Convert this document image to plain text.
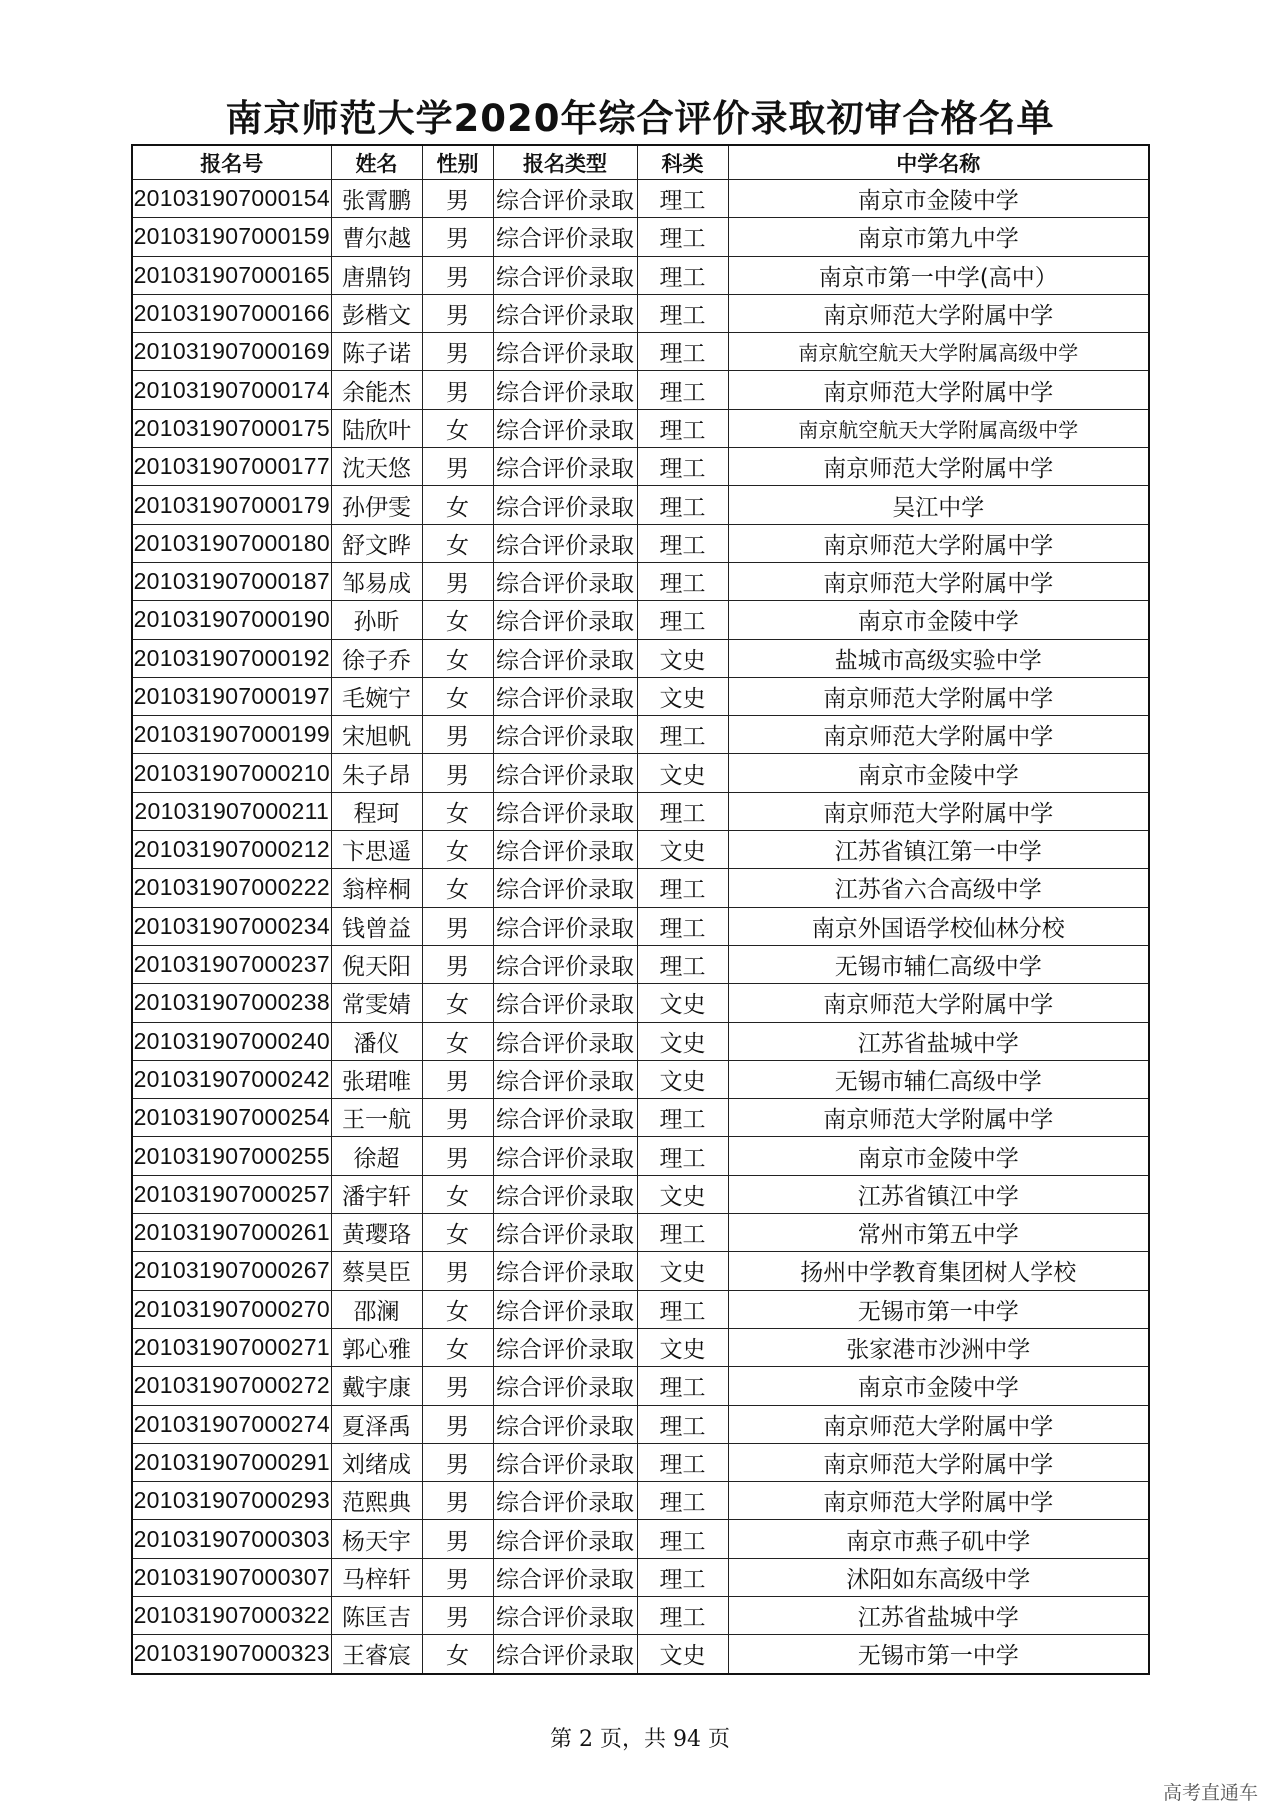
南京师范大学2020年综合评价录取初审合格名单
报名号	姓名	性别	报名类型	科类	中学名称
201031907000154	张霄鹏	男	综合评价录取	理工	南京市金陵中学
201031907000159	曹尔越	男	综合评价录取	理工	南京市第九中学
201031907000165	唐鼎钧	男	综合评价录取	理工	南京市第一中学(高中）
201031907000166	彭楷文	男	综合评价录取	理工	南京师范大学附属中学
201031907000169	陈子诺	男	综合评价录取	理工	南京航空航天大学附属高级中学
201031907000174	余能杰	男	综合评价录取	理工	南京师范大学附属中学
201031907000175	陆欣叶	女	综合评价录取	理工	南京航空航天大学附属高级中学
201031907000177	沈天悠	男	综合评价录取	理工	南京师范大学附属中学
201031907000179	孙伊雯	女	综合评价录取	理工	吴江中学
201031907000180	舒文晔	女	综合评价录取	理工	南京师范大学附属中学
201031907000187	邹易成	男	综合评价录取	理工	南京师范大学附属中学
201031907000190	孙昕	女	综合评价录取	理工	南京市金陵中学
201031907000192	徐子乔	女	综合评价录取	文史	盐城市高级实验中学
201031907000197	毛婉宁	女	综合评价录取	文史	南京师范大学附属中学
201031907000199	宋旭帆	男	综合评价录取	理工	南京师范大学附属中学
201031907000210	朱子昂	男	综合评价录取	文史	南京市金陵中学
201031907000211	程珂	女	综合评价录取	理工	南京师范大学附属中学
201031907000212	卞思遥	女	综合评价录取	文史	江苏省镇江第一中学
201031907000222	翁梓桐	女	综合评价录取	理工	江苏省六合高级中学
201031907000234	钱曾益	男	综合评价录取	理工	南京外国语学校仙林分校
201031907000237	倪天阳	男	综合评价录取	理工	无锡市辅仁高级中学
201031907000238	常雯婧	女	综合评价录取	文史	南京师范大学附属中学
201031907000240	潘仪	女	综合评价录取	文史	江苏省盐城中学
201031907000242	张珺唯	男	综合评价录取	文史	无锡市辅仁高级中学
201031907000254	王一航	男	综合评价录取	理工	南京师范大学附属中学
201031907000255	徐超	男	综合评价录取	理工	南京市金陵中学
201031907000257	潘宇轩	女	综合评价录取	文史	江苏省镇江中学
201031907000261	黄璎珞	女	综合评价录取	理工	常州市第五中学
201031907000267	蔡昊臣	男	综合评价录取	文史	扬州中学教育集团树人学校
201031907000270	邵澜	女	综合评价录取	理工	无锡市第一中学
201031907000271	郭心雅	女	综合评价录取	文史	张家港市沙洲中学
201031907000272	戴宇康	男	综合评价录取	理工	南京市金陵中学
201031907000274	夏泽禹	男	综合评价录取	理工	南京师范大学附属中学
201031907000291	刘绪成	男	综合评价录取	理工	南京师范大学附属中学
201031907000293	范熙典	男	综合评价录取	理工	南京师范大学附属中学
201031907000303	杨天宇	男	综合评价录取	理工	南京市燕子矶中学
201031907000307	马梓轩	男	综合评价录取	理工	沭阳如东高级中学
201031907000322	陈匡吉	男	综合评价录取	理工	江苏省盐城中学
201031907000323	王睿宸	女	综合评价录取	文史	无锡市第一中学
第 2 页，共 94 页
高考直通车
